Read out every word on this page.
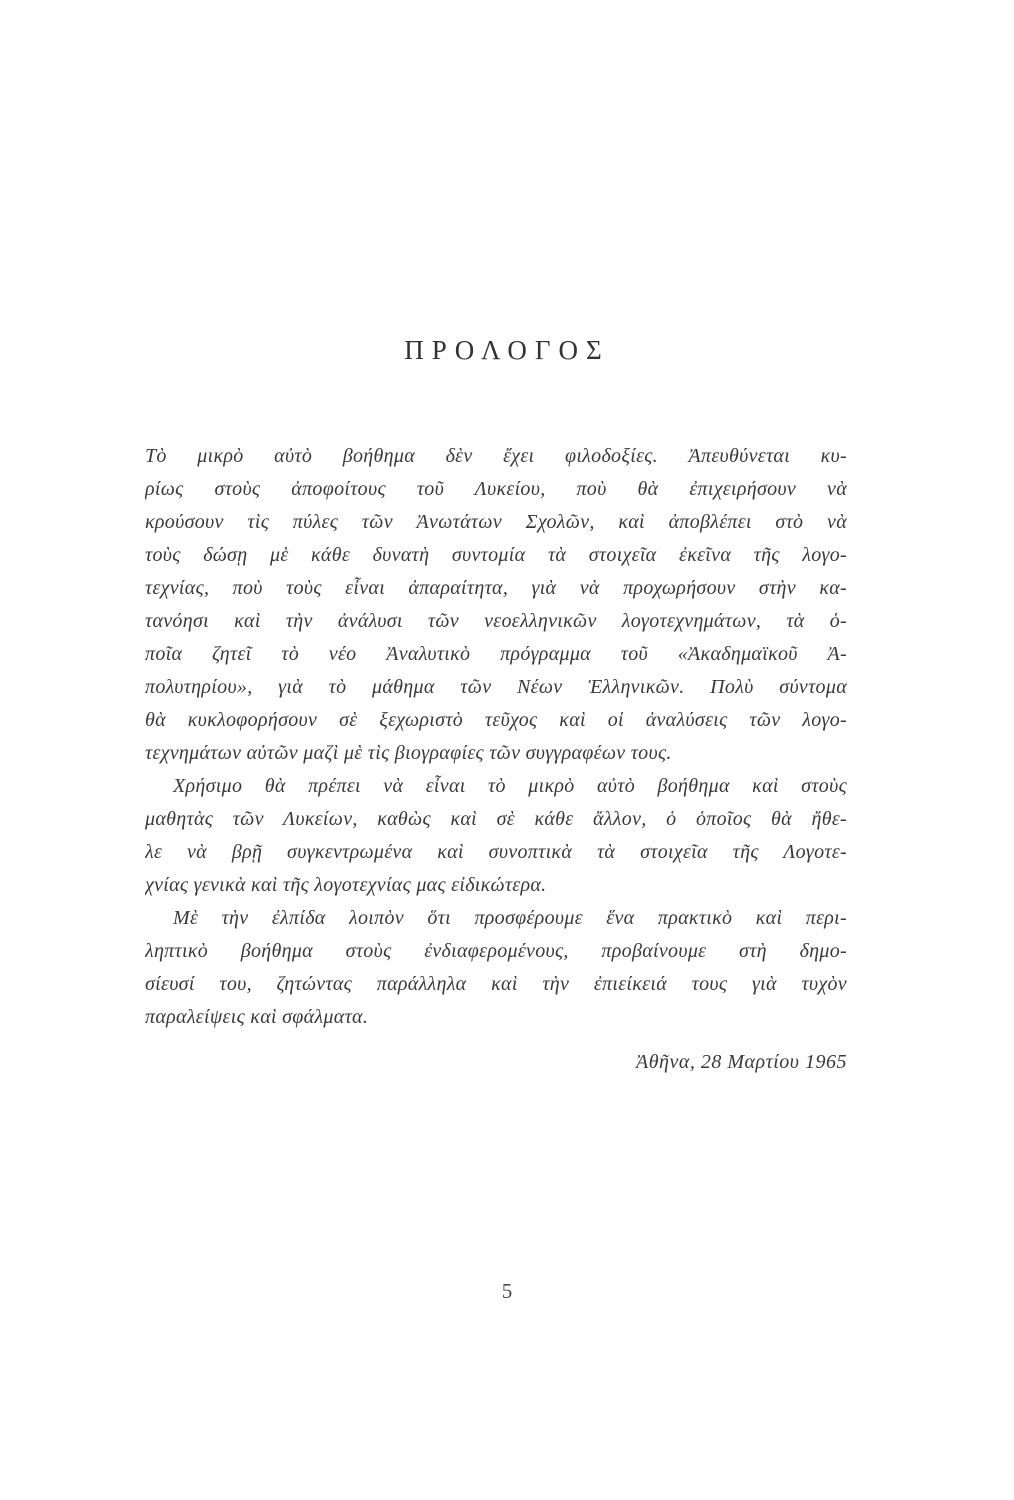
ΠΡΟΛΟΓΟΣ
Τὸ μικρὸ αὐτὸ βοήθημα δὲν ἔχει φιλοδοξίες. Ἀπευθύνεται κυ-
ρίως στοὺς ἀποφοίτους τοῦ Λυκείου, ποὺ θὰ ἐπιχειρήσουν νὰ
κρούσουν τὶς πύλες τῶν Ἀνωτάτων Σχολῶν, καὶ ἀποβλέπει στὸ νὰ
τοὺς δώσῃ μὲ κάθε δυνατὴ συντομία τὰ στοιχεῖα ἐκεῖνα τῆς λογο-
τεχνίας, ποὺ τοὺς εἶναι ἀπαραίτητα, γιὰ νὰ προχωρήσουν στὴν κα-
τανόησι καὶ τὴν ἀνάλυσι τῶν νεοελληνικῶν λογοτεχνημάτων, τὰ ὁ-
ποῖα ζητεῖ τὸ νέο Ἀναλυτικὸ πρόγραμμα τοῦ «Ἀκαδημαϊκοῦ Ἀ-
πολυτηρίου», γιὰ τὸ μάθημα τῶν Νέων Ἑλληνικῶν. Πολὺ σύντομα
θὰ κυκλοφορήσουν σὲ ξεχωριστὸ τεῦχος καὶ οἱ ἀναλύσεις τῶν λογο-
τεχνημάτων αὐτῶν μαζὶ μὲ τὶς βιογραφίες τῶν συγγραφέων τους.
Χρήσιμο θὰ πρέπει νὰ εἶναι τὸ μικρὸ αὐτὸ βοήθημα καὶ στοὺς
μαθητὰς τῶν Λυκείων, καθὼς καὶ σὲ κάθε ἄλλον, ὁ ὁποῖος θὰ ἤθε-
λε νὰ βρῇ συγκεντρωμένα καὶ συνοπτικὰ τὰ στοιχεῖα τῆς Λογοτε-
χνίας γενικὰ καὶ τῆς λογοτεχνίας μας εἰδικώτερα.
Μὲ τὴν ἐλπίδα λοιπὸν ὅτι προσφέρουμε ἕνα πρακτικὸ καὶ περι-
ληπτικὸ βοήθημα στοὺς ἐνδιαφερομένους, προβαίνουμε στὴ δημο-
σίευσί του, ζητώντας παράλληλα καὶ τὴν ἐπιείκειά τους γιὰ τυχὸν
παραλείψεις καὶ σφάλματα.
Ἀθῆνα, 28 Μαρτίου 1965
5
